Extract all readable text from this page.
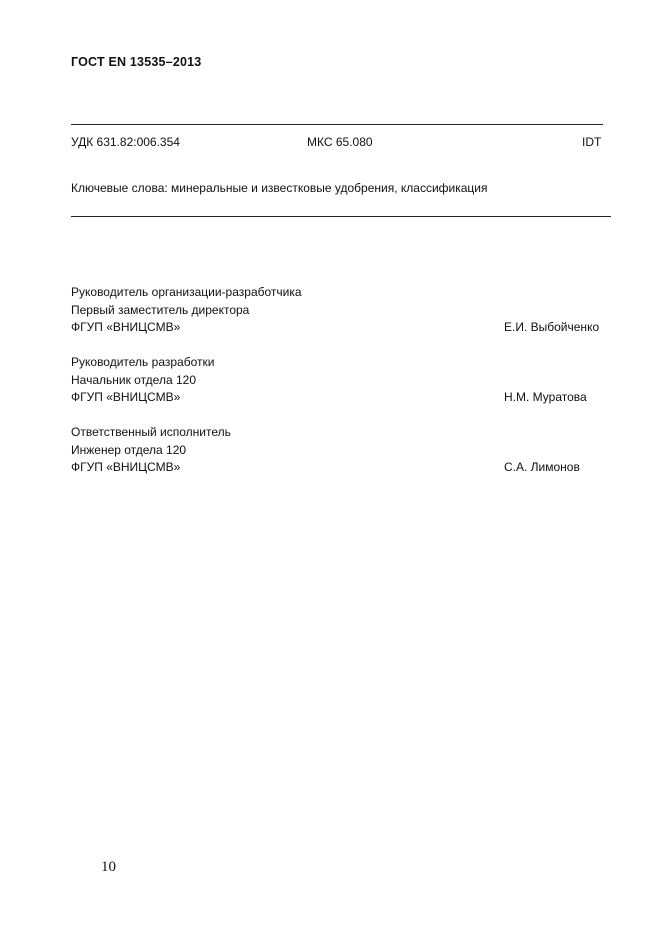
ГОСТ EN 13535–2013
УДК 631.82:006.354	МКС 65.080	IDT
Ключевые слова: минеральные и известковые удобрения, классификация
Руководитель организации-разработчика
Первый заместитель директора
ФГУП «ВНИЦСМВ»	Е.И. Выбойченко
Руководитель разработки
Начальник отдела 120
ФГУП «ВНИЦСМВ»	Н.М. Муратова
Ответственный исполнитель
Инженер отдела 120
ФГУП «ВНИЦСМВ»	С.А. Лимонов
10
